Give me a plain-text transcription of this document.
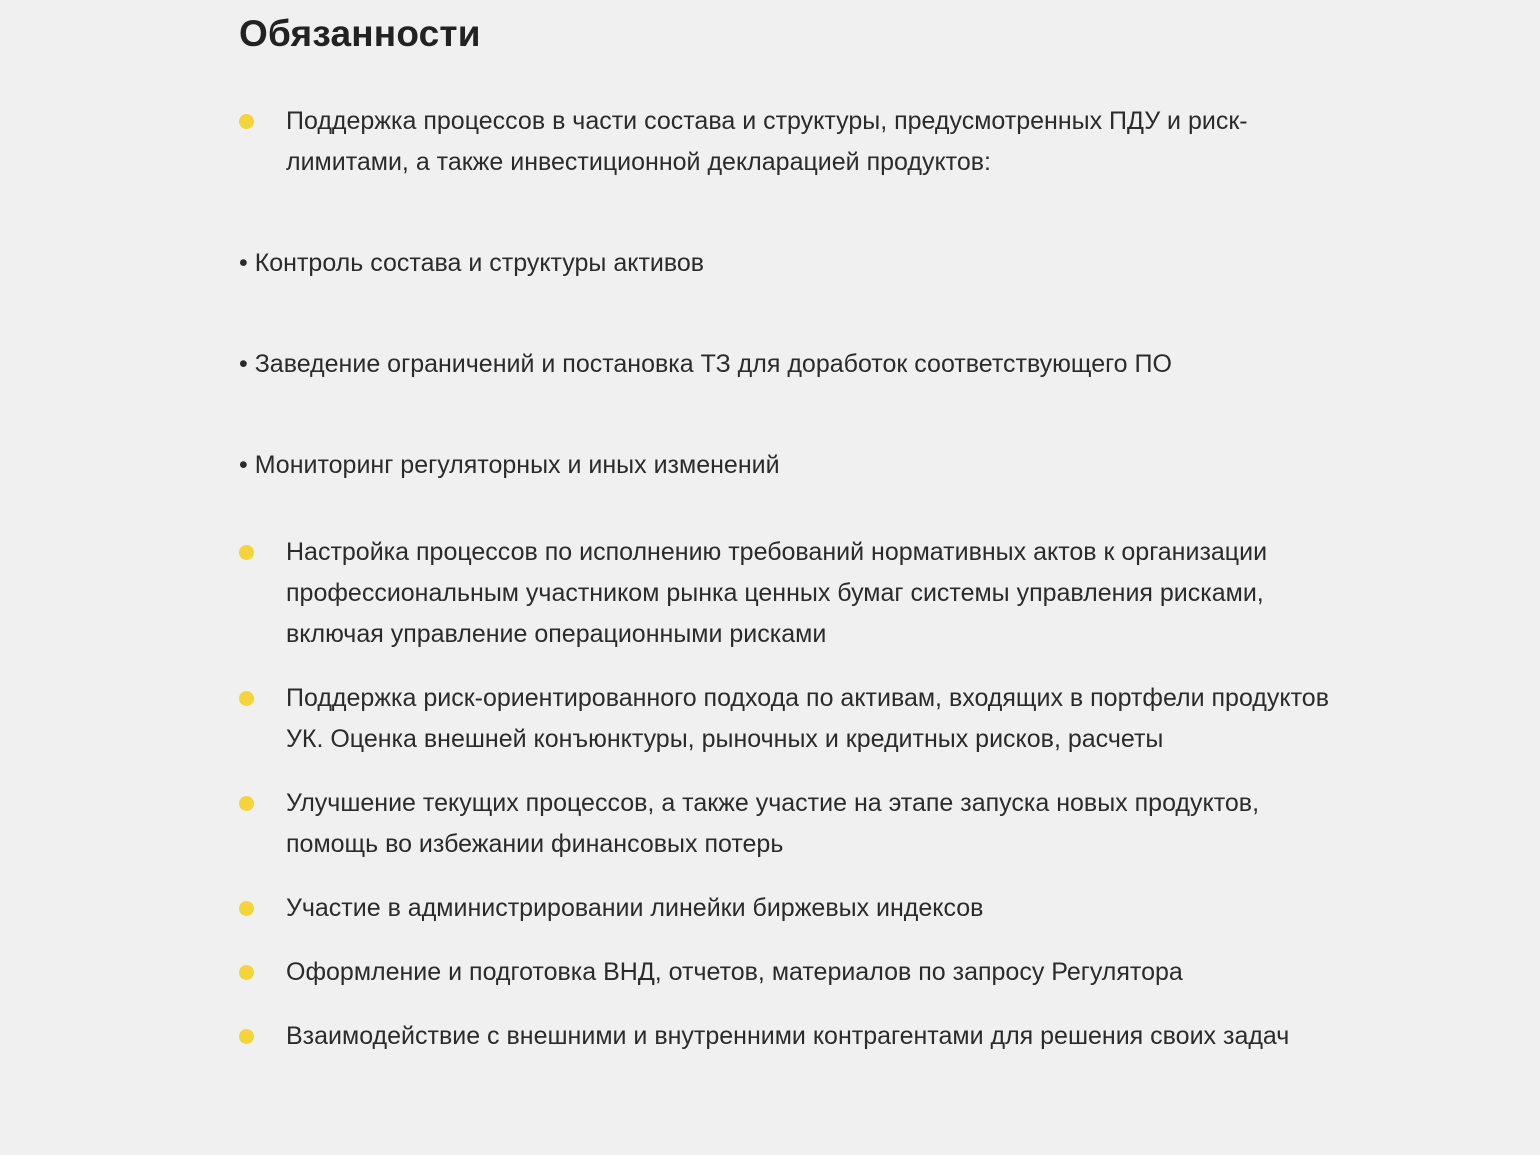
Обязанности
Поддержка процессов в части состава и структуры, предусмотренных ПДУ и риск-лимитами, а также инвестиционной декларацией продуктов:

• Контроль состава и структуры активов

• Заведение ограничений и постановка ТЗ для доработок соответствующего ПО

• Мониторинг регуляторных и иных изменений

Настройка процессов по исполнению требований нормативных актов к организации профессиональным участником рынка ценных бумаг системы управления рисками, включая управление операционными рисками
Поддержка риск-ориентированного подхода по активам, входящих в портфели продуктов УК. Оценка внешней конъюнктуры, рыночных и кредитных рисков, расчеты
Улучшение текущих процессов, а также участие на этапе запуска новых продуктов, помощь во избежании финансовых потерь
Участие в администрировании линейки биржевых индексов
Оформление и подготовка ВНД, отчетов, материалов по запросу Регулятора
Взаимодействие с внешними и внутренними контрагентами для решения своих задач
